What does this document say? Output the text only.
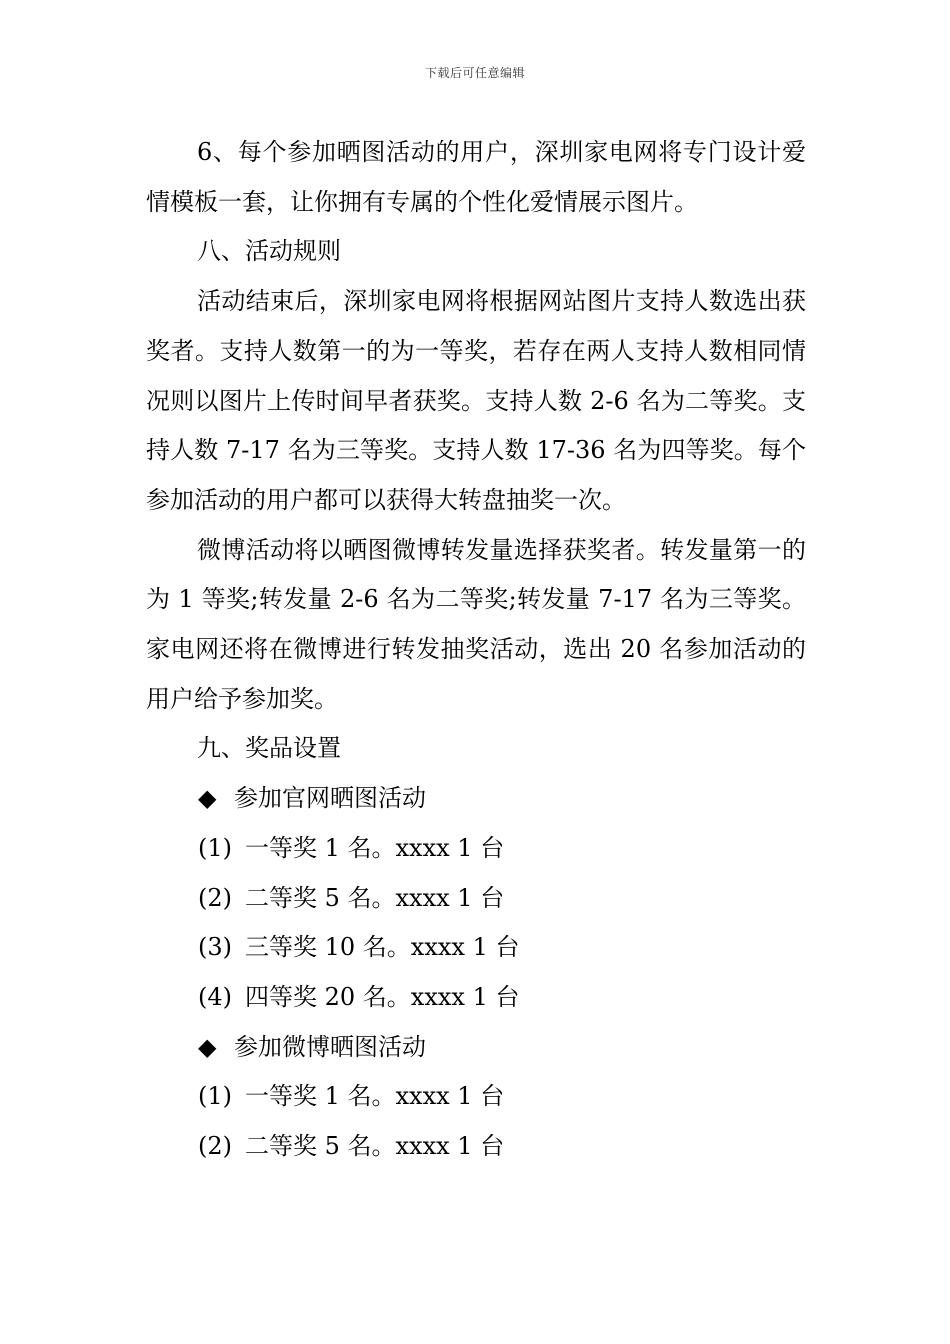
下载后可任意编辑

6、每个参加晒图活动的用户，深圳家电网将专门设计爱情模板一套，让你拥有专属的个性化爱情展示图片。

八、活动规则

活动结束后，深圳家电网将根据网站图片支持人数选出获奖者。支持人数第一的为一等奖，若存在两人支持人数相同情况则以图片上传时间早者获奖。支持人数 2-6 名为二等奖。支持人数 7-17 名为三等奖。支持人数 17-36 名为四等奖。每个参加活动的用户都可以获得大转盘抽奖一次。

微博活动将以晒图微博转发量选择获奖者。转发量第一的为 1 等奖;转发量 2-6 名为二等奖;转发量 7-17 名为三等奖。家电网还将在微博进行转发抽奖活动，选出 20 名参加活动的用户给予参加奖。

九、奖品设置

◆ 参加官网晒图活动

(1) 一等奖 1 名。xxxx 1 台

(2) 二等奖 5 名。xxxx 1 台

(3) 三等奖 10 名。xxxx 1 台

(4) 四等奖 20 名。xxxx 1 台

◆ 参加微博晒图活动

(1) 一等奖 1 名。xxxx 1 台

(2) 二等奖 5 名。xxxx 1 台
